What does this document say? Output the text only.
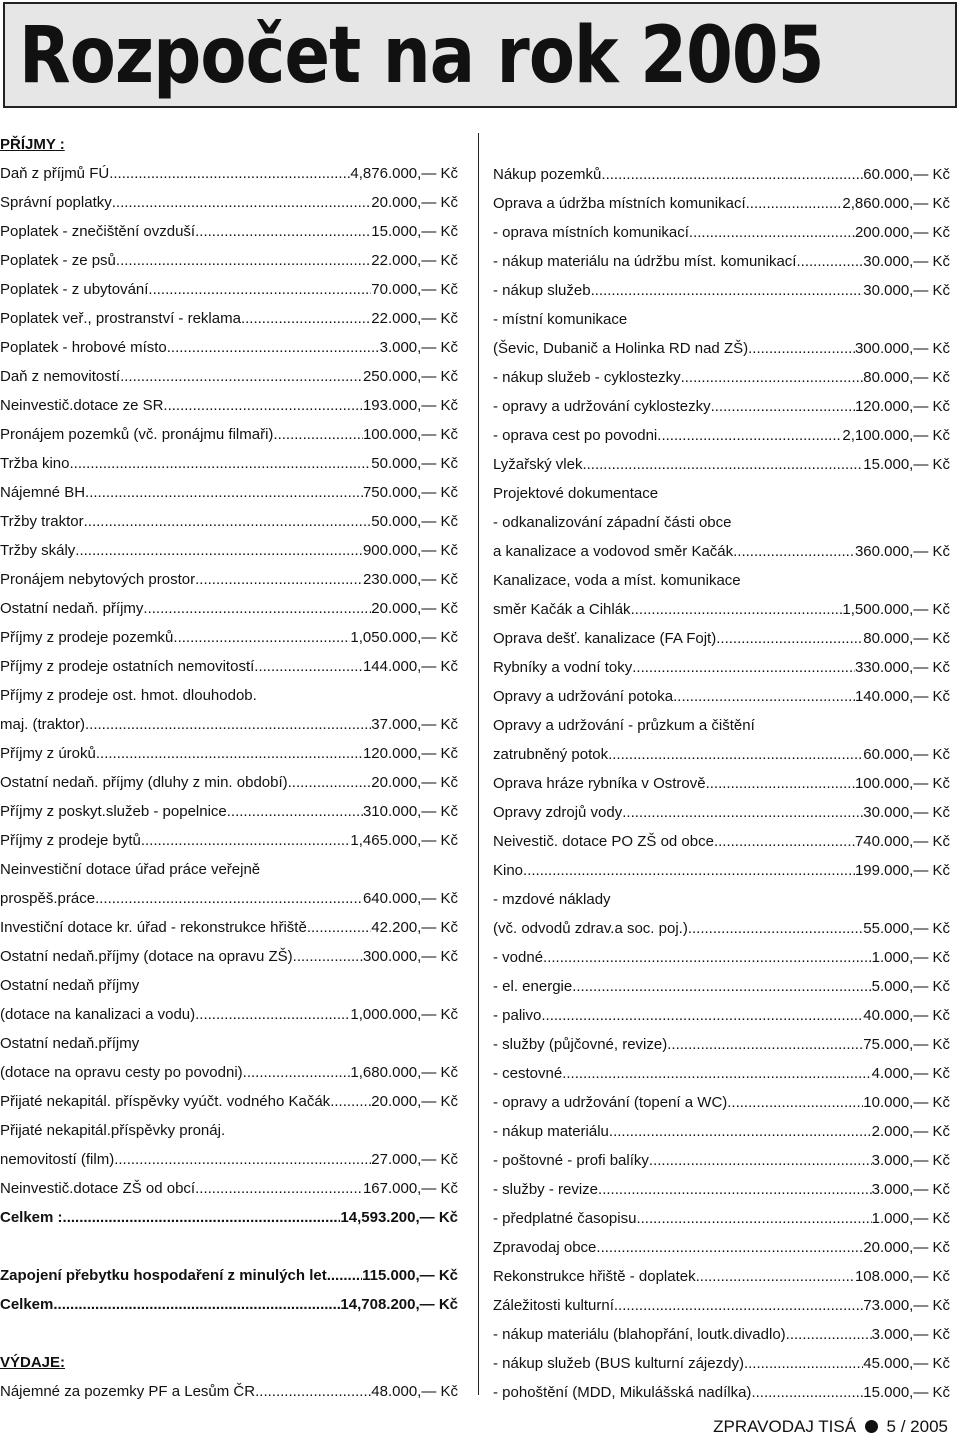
Rozpočet na rok 2005
PŘÍJMY :
Daň z příjmů FÚ .....	4,876.000,— Kč
Správní poplatky .....	20.000,— Kč
Poplatek - znečištění ovzduší .....	15.000,— Kč
Poplatek - ze psů .....	22.000,— Kč
Poplatek - z ubytování .....	70.000,— Kč
Poplatek veř., prostranství - reklama .....	22.000,— Kč
Poplatek - hrobové místo .....	3.000,— Kč
Daň z nemovitostí .....	250.000,— Kč
Neinvestič.dotace ze SR .....	193.000,— Kč
Pronájem pozemků (vč. pronájmu filmaři) .....	100.000,— Kč
Tržba kino .....	50.000,— Kč
Nájemné BH .....	750.000,— Kč
Tržby traktor .....	50.000,— Kč
Tržby skály .....	900.000,— Kč
Pronájem nebytových prostor .....	230.000,— Kč
Ostatní nedaň. příjmy .....	20.000,— Kč
Příjmy z prodeje pozemků .....	1,050.000,— Kč
Příjmy z prodeje ostatních nemovitostí .....	144.000,— Kč
Příjmy z prodeje ost. hmot. dlouhodob.
maj. (traktor) .....	37.000,— Kč
Příjmy z úroků .....	120.000,— Kč
Ostatní nedaň. příjmy (dluhy z min. období) .....	20.000,— Kč
Příjmy z poskyt.služeb - popelnice .....	310.000,— Kč
Příjmy z prodeje bytů .....	1,465.000,— Kč
Neinvestiční dotace úřad práce veřejně
prospěš.práce .....	640.000,— Kč
Investiční dotace kr. úřad - rekonstrukce hřiště .....	42.200,— Kč
Ostatní nedaň.příjmy (dotace na opravu ZŠ) .....	300.000,— Kč
Ostatní nedaň příjmy
(dotace na kanalizaci a vodu) .....	1,000.000,— Kč
Ostatní nedaň.příjmy
(dotace na opravu cesty po povodni) .....	1,680.000,— Kč
Přijaté nekapitál. příspěvky vyúčt. vodného Kačák .....	20.000,— Kč
Přijaté nekapitál.příspěvky pronáj.
nemovitostí (film) .....	27.000,— Kč
Neinvestič.dotace ZŠ od obcí .....	167.000,— Kč
Celkem : .....	14,593.200,— Kč
Zapojení přebytku hospodaření z minulých let ..... 115.000,— Kč
Celkem .....	14,708.200,— Kč
VÝDAJE:
Nájemné za pozemky PF a Lesům ČR .....	48.000,— Kč
Nákup pozemků .....	60.000,— Kč
Oprava a údržba místních komunikací .....	2,860.000,— Kč
- oprava místních komunikací .....	200.000,— Kč
- nákup materiálu na údržbu míst. komunikací .....	30.000,— Kč
- nákup služeb .....	30.000,— Kč
- místní komunikace
(Ševic, Dubanič a Holinka RD nad ZŠ) .....	300.000,— Kč
- nákup služeb - cyklostezky .....	80.000,— Kč
- opravy a udržování cyklostezky .....	120.000,— Kč
- oprava cest po povodni .....	2,100.000,— Kč
Lyžařský vlek .....	15.000,— Kč
Projektové dokumentace
- odkanalizování západní části obce
a kanalizace a vodovod směr Kačák .....	360.000,— Kč
Kanalizace, voda a míst. komunikace
směr Kačák a Cihlák .....	1,500.000,— Kč
Oprava dešť. kanalizace (FA Fojt) .....	80.000,— Kč
Rybníky a vodní toky .....	330.000,— Kč
Opravy a udržování potoka .....	140.000,— Kč
Opravy a udržování - průzkum a čištění
zatrubněný potok .....	60.000,— Kč
Oprava hráze rybníka v Ostrově .....	100.000,— Kč
Opravy zdrojů vody .....	30.000,— Kč
Neivestič. dotace PO ZŠ od obce .....	740.000,— Kč
Kino .....	199.000,— Kč
- mzdové náklady
(vč. odvodů zdrav.a soc. poj.) .....	55.000,— Kč
- vodné .....	1.000,— Kč
- el. energie .....	5.000,— Kč
- palivo .....	40.000,— Kč
- služby (půjčovné, revize) .....	75.000,— Kč
- cestovné .....	4.000,— Kč
- opravy a udržování (topení a WC) .....	10.000,— Kč
- nákup materiálu .....	2.000,— Kč
- poštovné - profi balíky .....	3.000,— Kč
- služby - revize .....	3.000,— Kč
- předplatné časopisu .....	1.000,— Kč
Zpravodaj obce .....	20.000,— Kč
Rekonstrukce hřiště - doplatek .....	108.000,— Kč
Záležitosti kulturní .....	73.000,— Kč
- nákup materiálu (blahopřání, loutk.divadlo) .....	3.000,— Kč
- nákup služeb (BUS kulturní zájezdy) .....	45.000,— Kč
- pohoštění (MDD, Mikulášská nadílka) .....	15.000,— Kč
ZPRAVODAJ TISÁ 5 / 2005
